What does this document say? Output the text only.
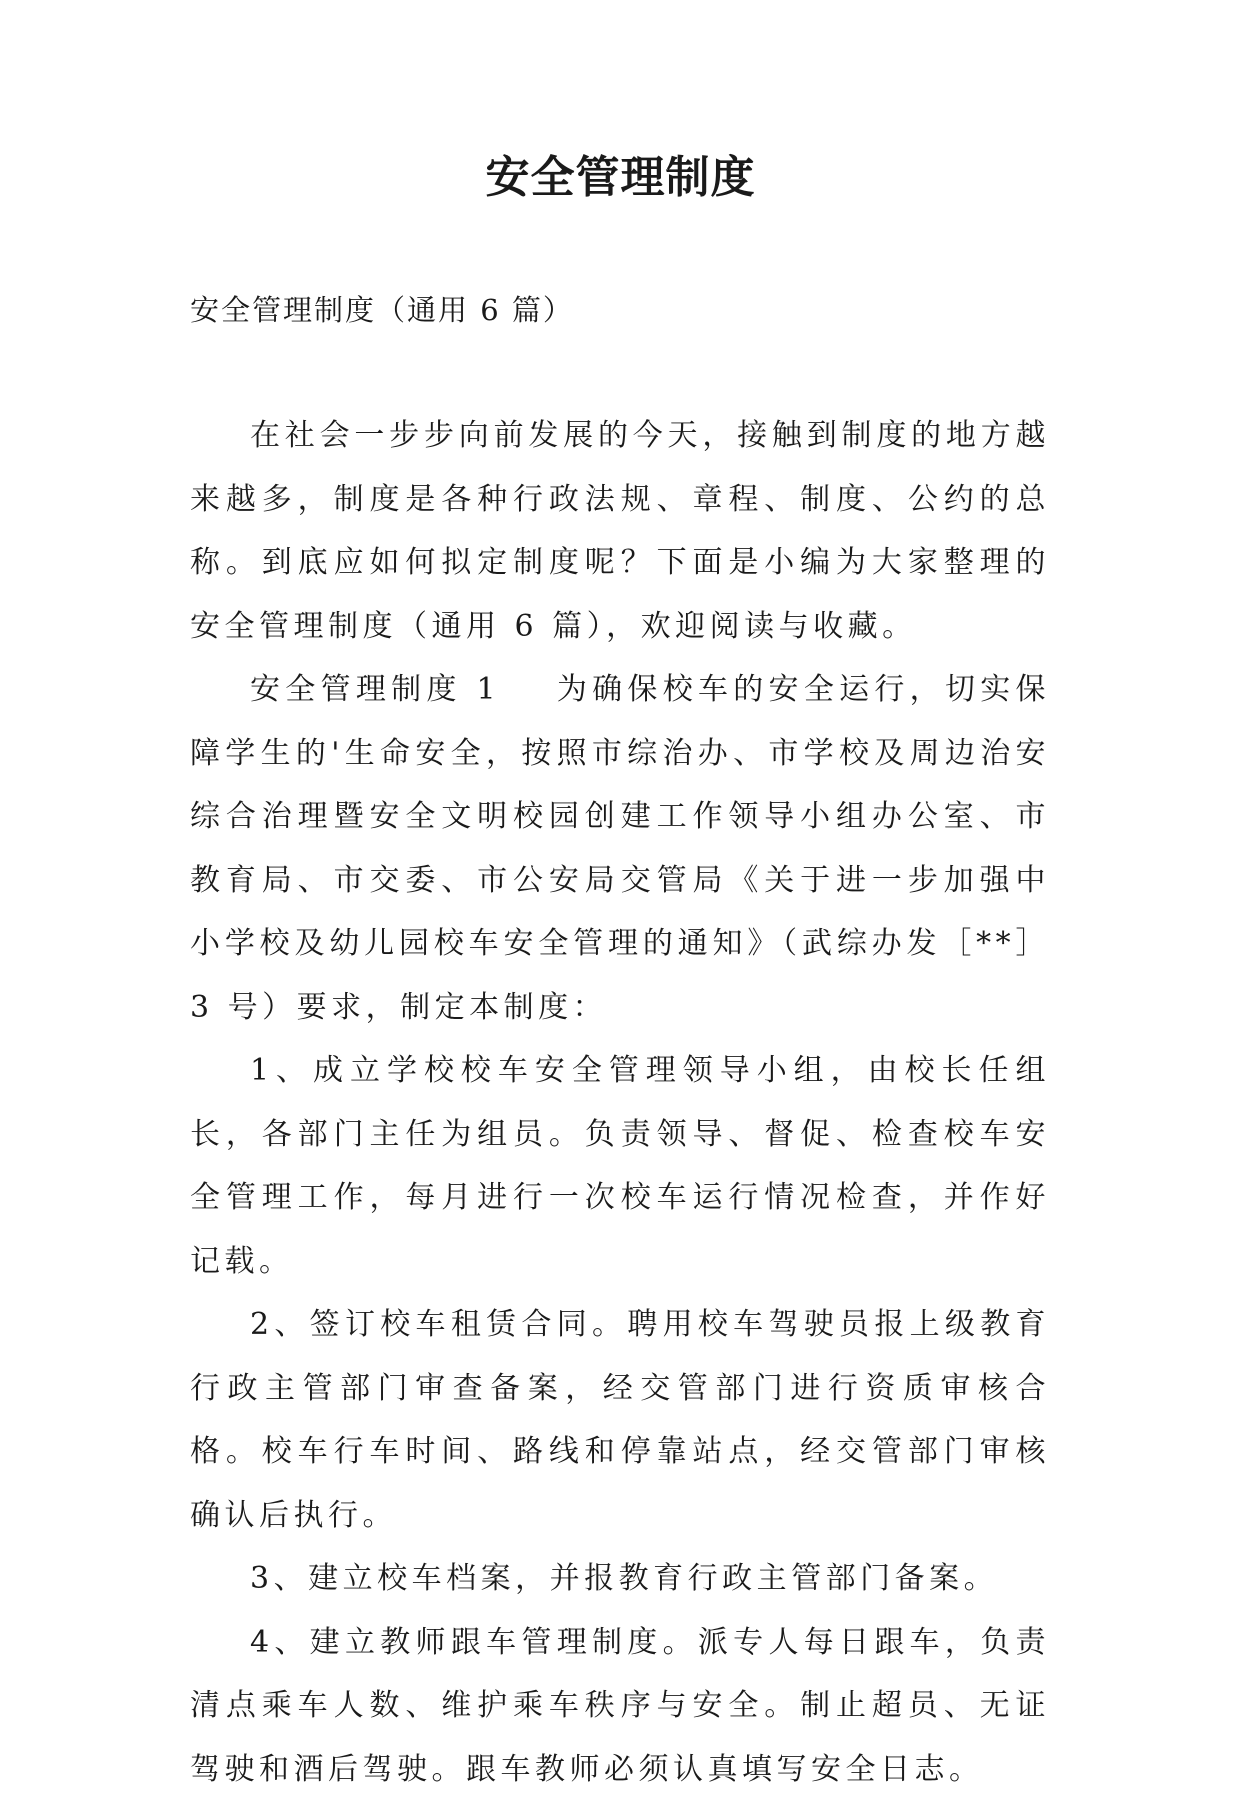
安全管理制度

安全管理制度（通用 6 篇）

在社会一步步向前发展的今天，接触到制度的地方越来越多，制度是各种行政法规、章程、制度、公约的总称。到底应如何拟定制度呢？下面是小编为大家整理的安全管理制度（通用 6 篇），欢迎阅读与收藏。

安全管理制度 1 为确保校车的安全运行，切实保障学生的'生命安全，按照市综治办、市学校及周边治安综合治理暨安全文明校园创建工作领导小组办公室、市教育局、市交委、市公安局交管局《关于进一步加强中小学校及幼儿园校车安全管理的通知》（武综办发［**］3 号）要求，制定本制度：

1、成立学校校车安全管理领导小组，由校长任组长，各部门主任为组员。负责领导、督促、检查校车安全管理工作，每月进行一次校车运行情况检查，并作好记载。

2、签订校车租赁合同。聘用校车驾驶员报上级教育行政主管部门审查备案，经交管部门进行资质审核合格。校车行车时间、路线和停靠站点，经交管部门审核确认后执行。

3、建立校车档案，并报教育行政主管部门备案。

4、建立教师跟车管理制度。派专人每日跟车，负责清点乘车人数、维护乘车秩序与安全。制止超员、无证驾驶和酒后驾驶。跟车教师必须认真填写安全日志。
